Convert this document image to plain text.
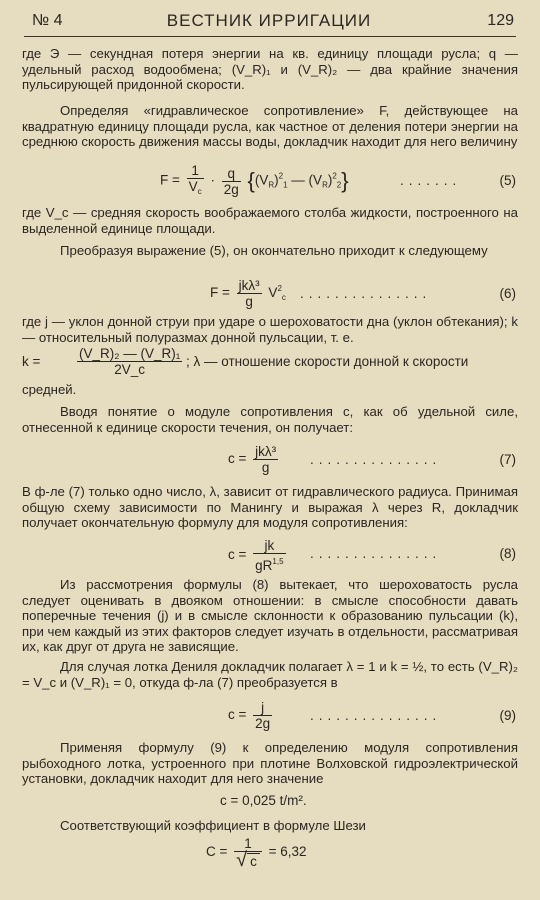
№ 4	ВЕСТНИК ИРРИГАЦИИ	129

где Э — секундная потеря энергии на кв. единицу площади русла; q — удельный расход водообмена; (V_R)₁ и (V_R)₂ — два крайние значения пульсирующей придонной скорости.

Определяя «гидравлическое сопротивление» F, действующее на квадратную единицу площади русла, как частное от деления потери энергии на среднюю скорость движения массы воды, докладчик находит для него величину

$F = \frac{1}{V_c} \cdot \frac{q}{2g} \{(V_R)^2_1$ — $(V_R)^2_2$}	.......	(5)

где V_c — средняя скорость воображаемого столба жидкости, построенного на выделенной единице площади.

Преобразуя выражение (5), он окончательно приходит к следующему

$F = \frac{\text{jkλ³}}{g} V^2_c$ ...............	(6)

где j — уклон донной струи при ударе о шероховатости дна (уклон обтекания); k — относительный полуразмах донной пульсации, т. е.

k =	$\frac{\text{(V\_R)₂ — (V\_R)₁}}{2V\_c}$ ; λ — отношение скорости донной к скорости

средней.

Вводя понятие о модуле сопротивления c, как об удельной силе, отнесенной к единице скорости течения, он получает:

$c = \frac{\text{jkλ³}}{g}$ ...............	(7)

В ф-ле (7) только одно число, λ, зависит от гидравлического радиуса. Принимая общую схему зависимости по Манингу и выражая λ через R, докладчик получает окончательную формулу для модуля сопротивления:

$c = \frac{jk}{gR^{1,5}}$ ...............	(8)

Из рассмотрения формулы (8) вытекает, что шероховатость русла следует оценивать в двояком отношении: в смысле способности давать поперечные течения (j) и в смысле склонности к образованию пульсации (k), при чем каждый из этих факторов следует изучать в отдельности, рассматривая их, как друг от друга не зависящие.

Для случая лотка Дениля докладчик полагает λ = 1 и k = ½, то есть (V_R)₂ = V_c и (V_R)₁ = 0, откуда ф-ла (7) преобразуется в

$c = \frac{j}{2g}$	...............	(9)

Применяя формулу (9) к определению модуля сопротивления рыбоходного лотка, устроенного при плотине Волховской гидроэлектрической установки, докладчик находит для него значение

c = 0,025 t/m².

Соответствующий коэффициент в формуле Шези

$C = \frac{1}{√ c} = 6,32$
